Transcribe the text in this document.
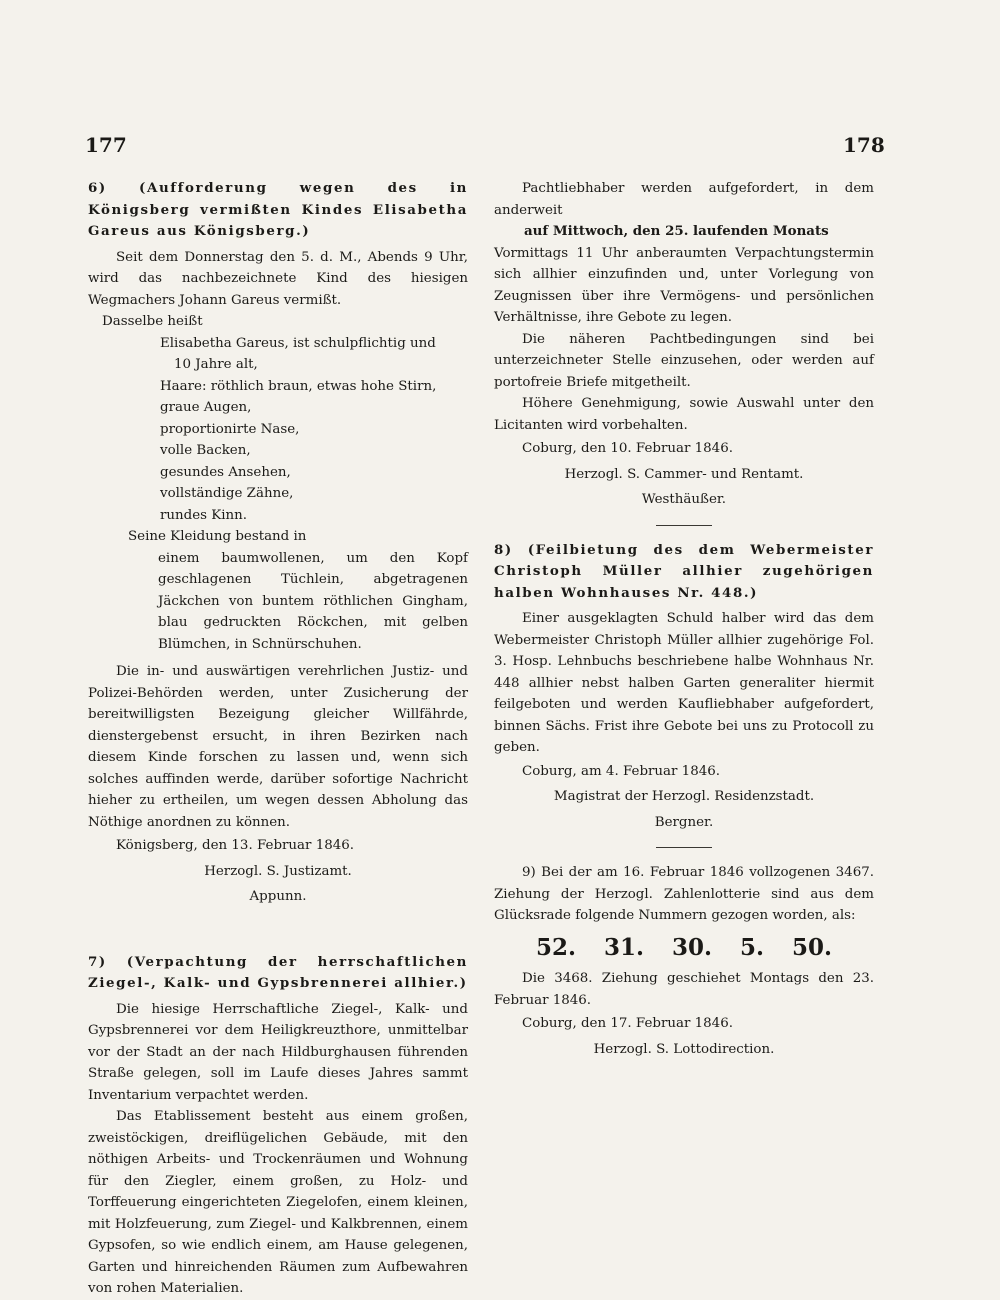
177	178
6) (Aufforderung wegen des in Königsberg vermißten Kindes Elisabetha Gareus aus Königsberg.)

Seit dem Donnerstag den 5. d. M., Abends 9 Uhr, wird das nachbezeichnete Kind des hiesigen Wegmachers Johann Gareus vermißt.

Dasselbe heißt

Elisabetha Gareus, ist schulpflichtig und
10 Jahre alt,
Haare: röthlich braun, etwas hohe Stirn,
graue Augen,
proportionirte Nase,
volle Backen,
gesundes Ansehen,
vollständige Zähne,
rundes Kinn.

Seine Kleidung bestand in

einem baumwollenen, um den Kopf geschlagenen Tüchlein, abgetragenen Jäckchen von buntem röthlichen Gingham, blau gedruckten Röckchen, mit gelben Blümchen, in Schnürschuhen.

Die in- und auswärtigen verehrlichen Justiz- und Polizei-Behörden werden, unter Zusicherung der bereitwilligsten Bezeigung gleicher Willfährde, dienstergebenst ersucht, in ihren Bezirken nach diesem Kinde forschen zu lassen und, wenn sich solches auffinden werde, darüber sofortige Nachricht hieher zu ertheilen, um wegen dessen Abholung das Nöthige anordnen zu können.

Königsberg, den 13. Februar 1846.

Herzogl. S. Justizamt.

Appunn.

7) (Verpachtung der herrschaftlichen Ziegel-, Kalk- und Gypsbrennerei allhier.)

Die hiesige Herrschaftliche Ziegel-, Kalk- und Gypsbrennerei vor dem Heiligkreuzthore, unmittelbar vor der Stadt an der nach Hildburghausen führenden Straße gelegen, soll im Laufe dieses Jahres sammt Inventarium verpachtet werden.

Das Etablissement besteht aus einem großen, zweistöckigen, dreiflügelichen Gebäude, mit den nöthigen Arbeits- und Trockenräumen und Wohnung für den Ziegler, einem großen, zu Holz- und Torffeuerung eingerichteten Ziegelofen, einem kleinen, mit Holzfeuerung, zum Ziegel- und Kalkbrennen, einem Gypsofen, so wie endlich einem, am Hause gelegenen, Garten und hinreichenden Räumen zum Aufbewahren von rohen Materialien.

Pachtliebhaber werden aufgefordert, in dem anderweit

auf Mittwoch, den 25. laufenden Monats

Vormittags 11 Uhr anberaumten Verpachtungstermin sich allhier einzufinden und, unter Vorlegung von Zeugnissen über ihre Vermögens- und persönlichen Verhältnisse, ihre Gebote zu legen.

Die näheren Pachtbedingungen sind bei unterzeichneter Stelle einzusehen, oder werden auf portofreie Briefe mitgetheilt.

Höhere Genehmigung, sowie Auswahl unter den Licitanten wird vorbehalten.

Coburg, den 10. Februar 1846.

Herzogl. S. Cammer- und Rentamt.

Westhäußer.

8) (Feilbietung des dem Webermeister Christoph Müller allhier zugehörigen halben Wohnhauses Nr. 448.)

Einer ausgeklagten Schuld halber wird das dem Webermeister Christoph Müller allhier zugehörige Fol. 3. Hosp. Lehnbuchs beschriebene halbe Wohnhaus Nr. 448 allhier nebst halben Garten generaliter hiermit feilgeboten und werden Kaufliebhaber aufgefordert, binnen Sächs. Frist ihre Gebote bei uns zu Protocoll zu geben.

Coburg, am 4. Februar 1846.

Magistrat der Herzogl. Residenzstadt.

Bergner.

9) Bei der am 16. Februar 1846 vollzogenen 3467. Ziehung der Herzogl. Zahlenlotterie sind aus dem Glücksrade folgende Nummern gezogen worden, als:

52. 31. 30. 5. 50.

Die 3468. Ziehung geschiehet Montags den 23. Februar 1846.

Coburg, den 17. Februar 1846.

Herzogl. S. Lottodirection.
